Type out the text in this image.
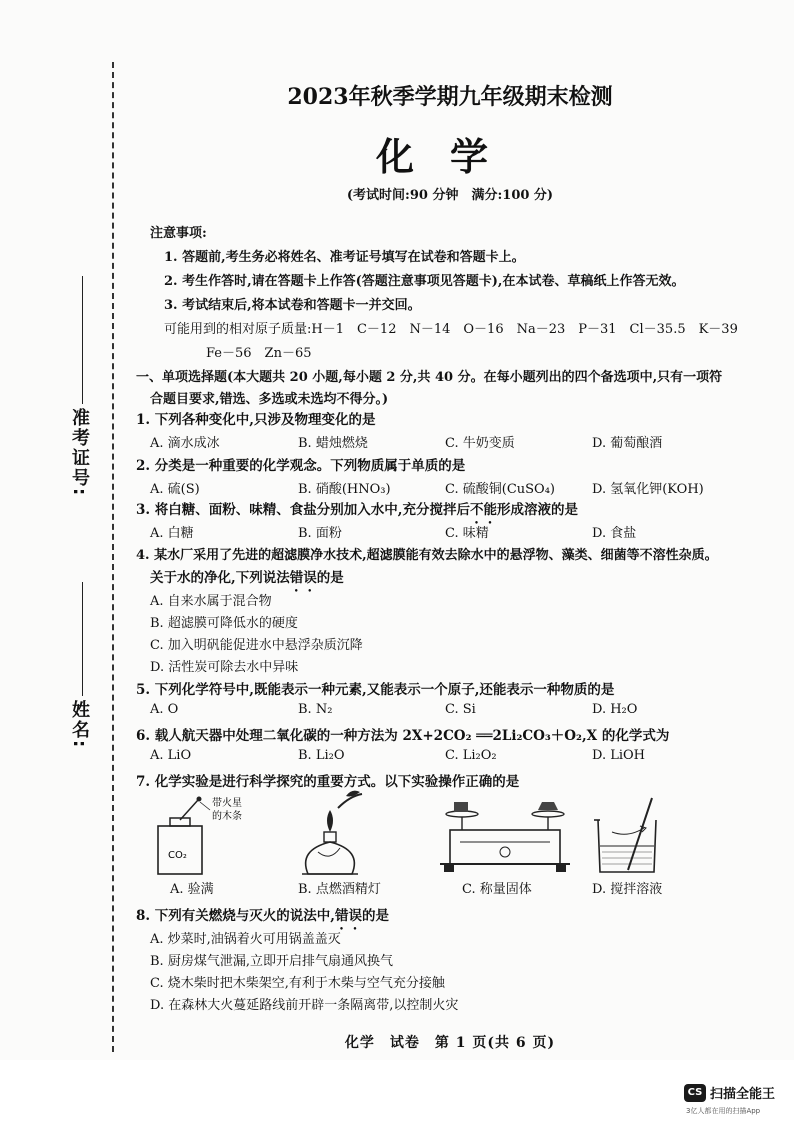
准考证号:
姓名:
2023年秋季学期九年级期末检测
化学
(考试时间:90 分钟　满分:100 分)
注意事项:
1. 答题前,考生务必将姓名、准考证号填写在试卷和答题卡上。
2. 考生作答时,请在答题卡上作答(答题注意事项见答题卡),在本试卷、草稿纸上作答无效。
3. 考试结束后,将本试卷和答题卡一并交回。
可能用到的相对原子质量:H－1　C－12　N－14　O－16　Na－23　P－31　Cl－35.5　K－39
Fe－56　Zn－65
一、单项选择题(本大题共 20 小题,每小题 2 分,共 40 分。在每小题列出的四个备选项中,只有一项符
合题目要求,错选、多选或未选均不得分。)
1. 下列各种变化中,只涉及物理变化的是
A. 滴水成冰	B. 蜡烛燃烧	C. 牛奶变质	D. 葡萄酿酒
2. 分类是一种重要的化学观念。下列物质属于单质的是
A. 硫(S)	B. 硝酸(HNO₃)	C. 硫酸铜(CuSO₄)	D. 氢氧化钾(KOH)
3. 将白糖、面粉、味精、食盐分别加入水中,充分搅拌后不能形成溶液的是
A. 白糖	B. 面粉	C. 味精	D. 食盐
4. 某水厂采用了先进的超滤膜净水技术,超滤膜能有效去除水中的悬浮物、藻类、细菌等不溶性杂质。
关于水的净化,下列说法错误的是
A. 自来水属于混合物
B. 超滤膜可降低水的硬度
C. 加入明矾能促进水中悬浮杂质沉降
D. 活性炭可除去水中异味
5. 下列化学符号中,既能表示一种元素,又能表示一个原子,还能表示一种物质的是
A. O	B. N₂	C. Si	D. H₂O
6. 载人航天器中处理二氧化碳的一种方法为 2X+2CO₂ ══2Li₂CO₃＋O₂,X 的化学式为
A. LiO	B. Li₂O	C. Li₂O₂	D. LiOH
7. 化学实验是进行科学探究的重要方式。以下实验操作正确的是
带火星
的木条
CO₂
A. 验满	B. 点燃酒精灯	C. 称量固体	D. 搅拌溶液
8. 下列有关燃烧与灭火的说法中,错误的是
A. 炒菜时,油锅着火可用锅盖盖灭
B. 厨房煤气泄漏,立即开启排气扇通风换气
C. 烧木柴时把木柴架空,有利于木柴与空气充分接触
D. 在森林大火蔓延路线前开辟一条隔离带,以控制火灾
化学　试卷　第 1 页(共 6 页)
CS 扫描全能王
3亿人都在用的扫描App
